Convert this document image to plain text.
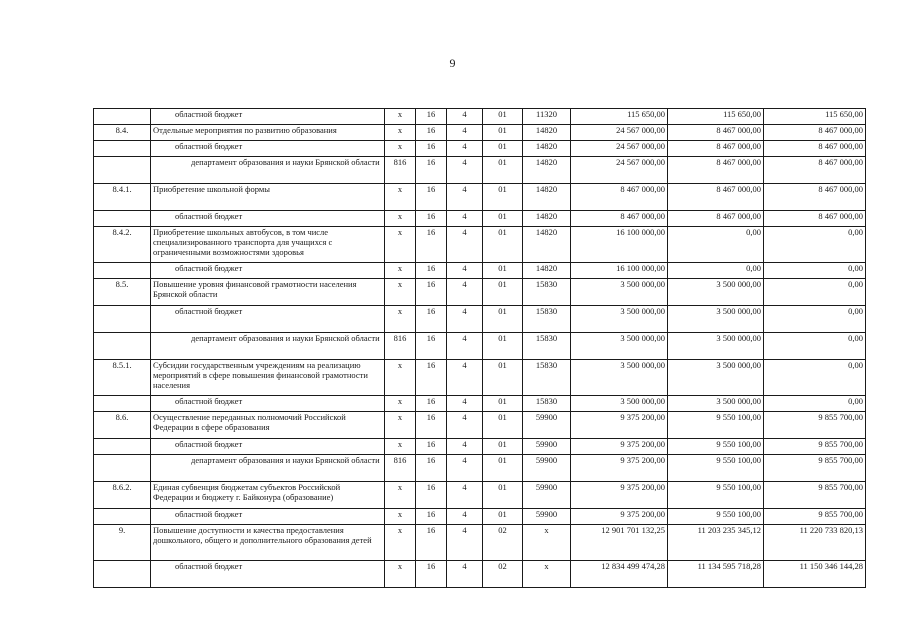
9
	областной бюджет	х	16	4	01	11320	115 650,00	115 650,00	115 650,00
8.4.	Отдельные мероприятия по развитию образования	х	16	4	01	14820	24 567 000,00	8 467 000,00	8 467 000,00
	областной бюджет	х	16	4	01	14820	24 567 000,00	8 467 000,00	8 467 000,00
	департамент образования и науки Брянской области	816	16	4	01	14820	24 567 000,00	8 467 000,00	8 467 000,00
8.4.1.	Приобретение школьной формы	х	16	4	01	14820	8 467 000,00	8 467 000,00	8 467 000,00
	областной бюджет	х	16	4	01	14820	8 467 000,00	8 467 000,00	8 467 000,00
8.4.2.	Приобретение школьных автобусов, в том числе специализированного транспорта для учащихся с ограниченными возможностями здоровья	х	16	4	01	14820	16 100 000,00	0,00	0,00
	областной бюджет	х	16	4	01	14820	16 100 000,00	0,00	0,00
8.5.	Повышение уровня финансовой грамотности населения Брянской области	х	16	4	01	15830	3 500 000,00	3 500 000,00	0,00
	областной бюджет	х	16	4	01	15830	3 500 000,00	3 500 000,00	0,00
	департамент образования и науки Брянской области	816	16	4	01	15830	3 500 000,00	3 500 000,00	0,00
8.5.1.	Субсидии государственным учреждениям на реализацию мероприятий в сфере повышения финансовой грамотности населения	х	16	4	01	15830	3 500 000,00	3 500 000,00	0,00
	областной бюджет	х	16	4	01	15830	3 500 000,00	3 500 000,00	0,00
8.6.	Осуществление переданных полномочий Российской Федерации в сфере образования	х	16	4	01	59900	9 375 200,00	9 550 100,00	9 855 700,00
	областной бюджет	х	16	4	01	59900	9 375 200,00	9 550 100,00	9 855 700,00
	департамент образования и науки Брянской области	816	16	4	01	59900	9 375 200,00	9 550 100,00	9 855 700,00
8.6.2.	Единая субвенция бюджетам субъектов Российской Федерации и бюджету г. Байконура (образование)	х	16	4	01	59900	9 375 200,00	9 550 100,00	9 855 700,00
	областной бюджет	х	16	4	01	59900	9 375 200,00	9 550 100,00	9 855 700,00
9.	Повышение доступности и качества предоставления дошкольного, общего и дополнительного образования детей	х	16	4	02	х	12 901 701 132,25	11 203 235 345,12	11 220 733 820,13
	областной бюджет	х	16	4	02	х	12 834 499 474,28	11 134 595 718,28	11 150 346 144,28
